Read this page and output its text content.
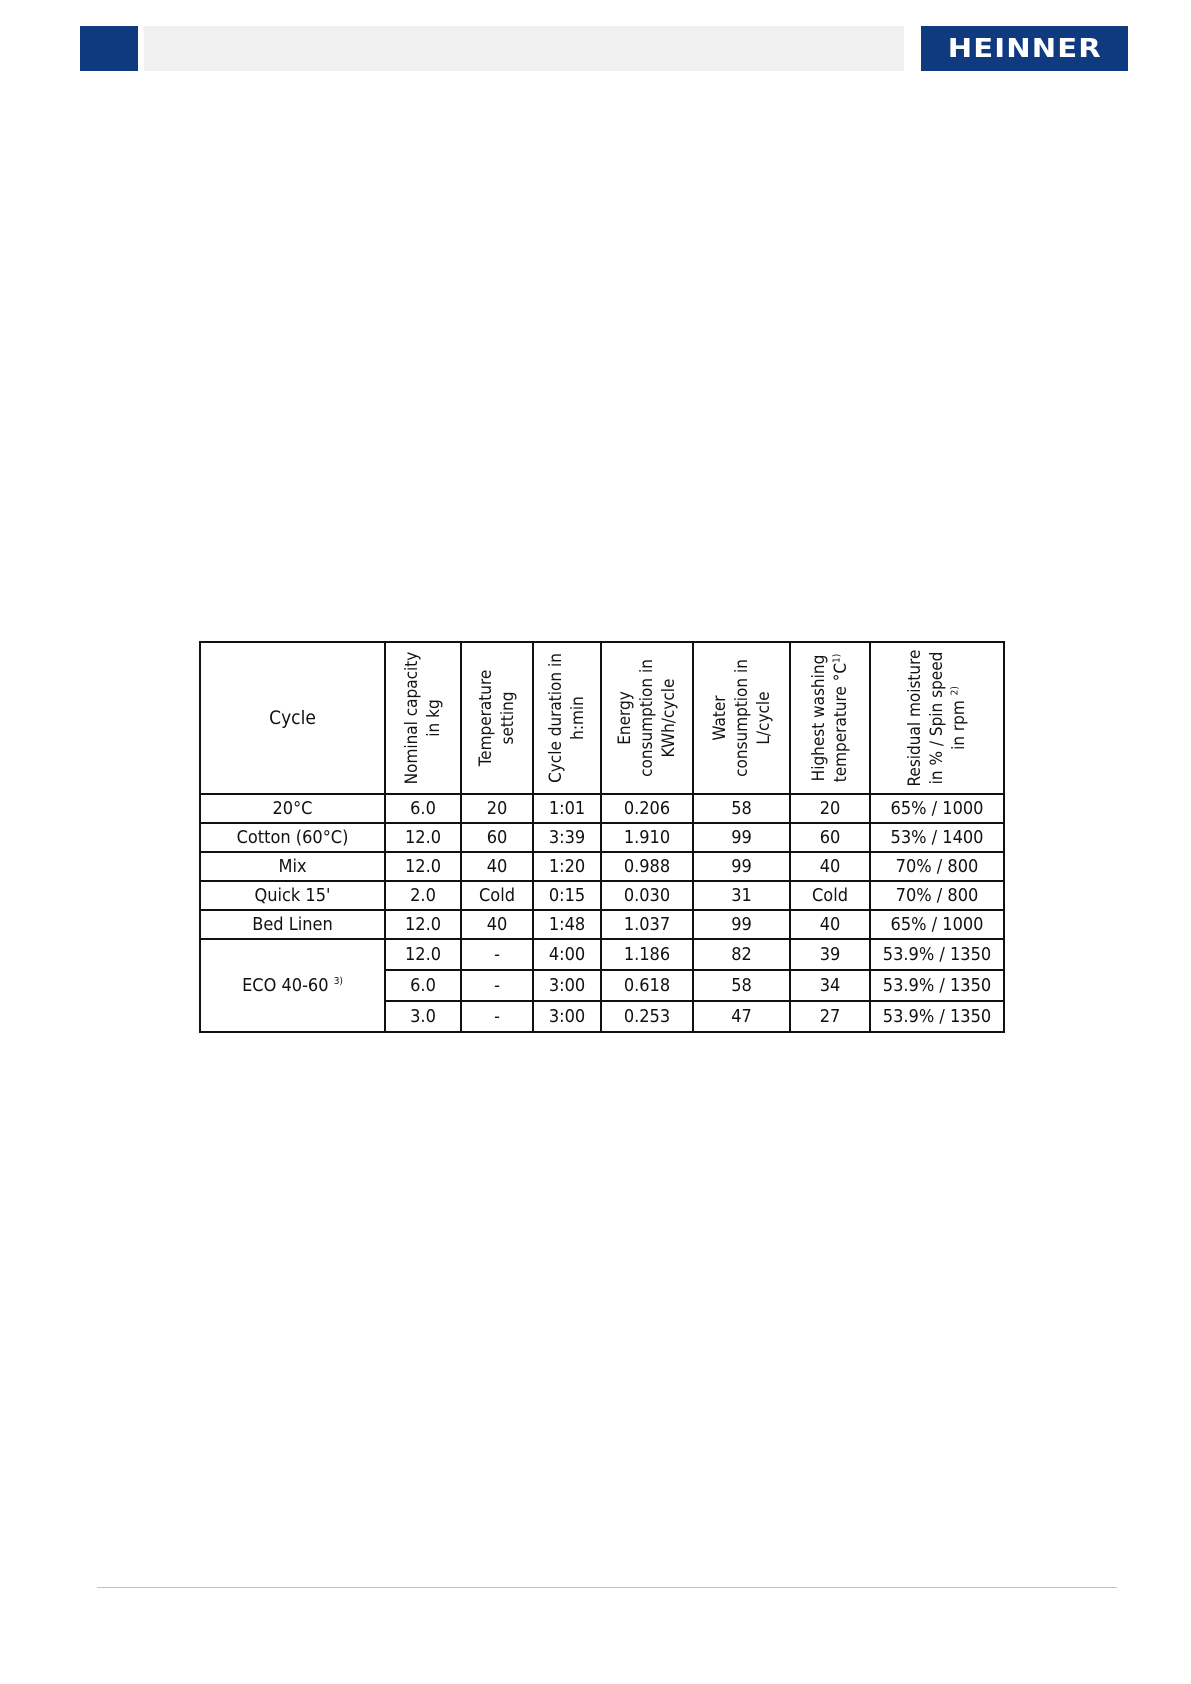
HEINNER
Cycle	Nominal capacity in kg	Temperature setting	Cycle duration in h:min	Energy consumption in KWh/cycle	Water consumption in L/cycle	Highest washing temperature $^\circ C^{1)}$	Residual moisture in % / Spin speed in rpm $^{2)}$

20°C	6.0	20	1:01	0.206	58	20	65% / 1000
Cotton (60°C)	12.0	60	3:39	1.910	99	60	53% / 1400
Mix	12.0	40	1:20	0.988	99	40	70% / 800
Quick 15'	2.0	Cold	0:15	0.030	31	Cold	70% / 800
Bed Linen	12.0	40	1:48	1.037	99	40	65% / 1000
ECO 40-60 $^{3)}$	12.0	-	4:00	1.186	82	39	53.9% / 1350
	6.0	-	3:00	0.618	58	34	53.9% / 1350
	3.0	-	3:00	0.253	47	27	53.9% / 1350
